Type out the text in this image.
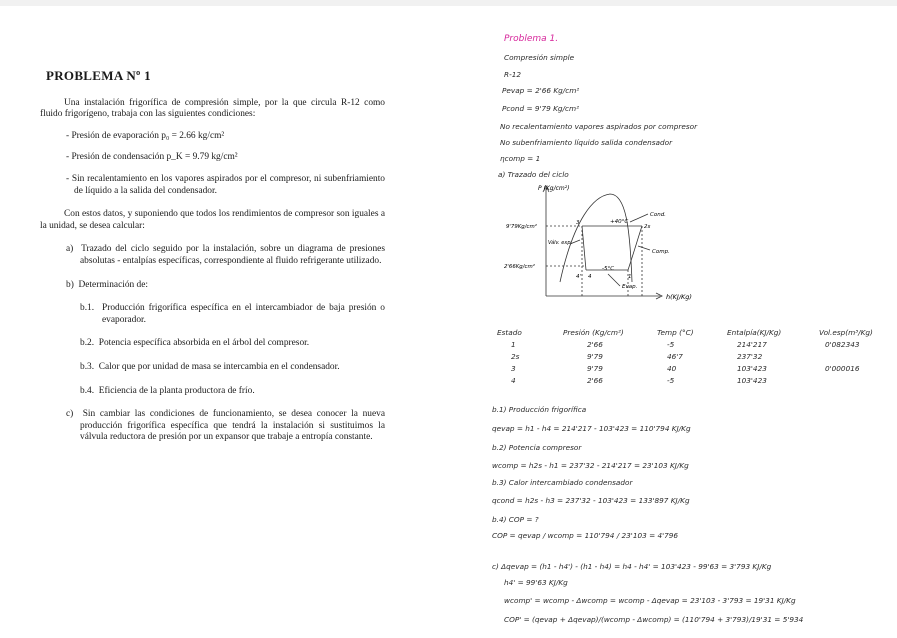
PROBLEMA Nº 1

Una instalación frigorífica de compresión simple, por la que circula R-12 como fluido frigorígeno, trabaja con las siguientes condiciones:

- Presión de evaporación p₀ = 2.66 kg/cm²

- Presión de condensación p_K = 9.79 kg/cm²

- Sin recalentamiento en los vapores aspirados por el compresor, ni subenfriamiento de líquido a la salida del condensador.

Con estos datos, y suponiendo que todos los rendimientos de compresor son iguales a la unidad, se desea calcular:

a) Trazado del ciclo seguido por la instalación, sobre un diagrama de presiones absolutas - entalpías específicas, correspondiente al fluido refrigerante utilizado.

b) Determinación de:

b.1. Producción frigorífica específica en el intercambiador de baja presión o evaporador.

b.2. Potencia específica absorbida en el árbol del compresor.

b.3. Calor que por unidad de masa se intercambia en el condensador.

b.4. Eficiencia de la planta productora de frío.

c) Sin cambiar las condiciones de funcionamiento, se desea conocer la nueva producción frigorífica específica que tendrá la instalación si sustituimos la válvula reductora de presión por un expansor que trabaje a entropía constante.

Problema 1.
Compresión simple
R-12
Pevap = 2'66 Kg/cm²
Pcond = 9'79 Kg/cm²
No recalentamiento vapores aspirados por compresor
No subenfriamiento líquido salida condensador
ηcomp = 1
a) Trazado del ciclo
P (Kg/cm²)
h(KJ/Kg)
9'79Kg/cm²
2'66Kg/cm²
+40°C
-5°C
Válv. exp.
Cond.
Comp.
Evap.
3
2s
4' 4	1
Estado	Presión (Kg/cm²)	Temp (°C)	Entalpía(KJ/Kg)	Vol.esp(m³/Kg)
1	2'66	-5	214'217	0'082343
2s	9'79	46'7	237'32	
3	9'79	40	103'423	0'000016
4	2'66	-5	103'423	
b.1) Producción frigorífica
qevap = h1 - h4 = 214'217 - 103'423 = 110'794 KJ/Kg
b.2) Potencia compresor
wcomp = h2s - h1 = 237'32 - 214'217 = 23'103 KJ/Kg
b.3) Calor intercambiado condensador
qcond = h2s - h3 = 237'32 - 103'423 = 133'897 KJ/Kg
b.4) COP = ?
COP = qevap / wcomp = 110'794 / 23'103 = 4'796
c) Δqevap = (h1 - h4') - (h1 - h4) = h4 - h4' = 103'423 - 99'63 = 3'793 KJ/Kg
h4' = 99'63 KJ/Kg
wcomp' = wcomp - Δwcomp = wcomp - Δqevap = 23'103 - 3'793 = 19'31 KJ/Kg
COP' = (qevap + Δqevap)/(wcomp - Δwcomp) = (110'794 + 3'793)/19'31 = 5'934
